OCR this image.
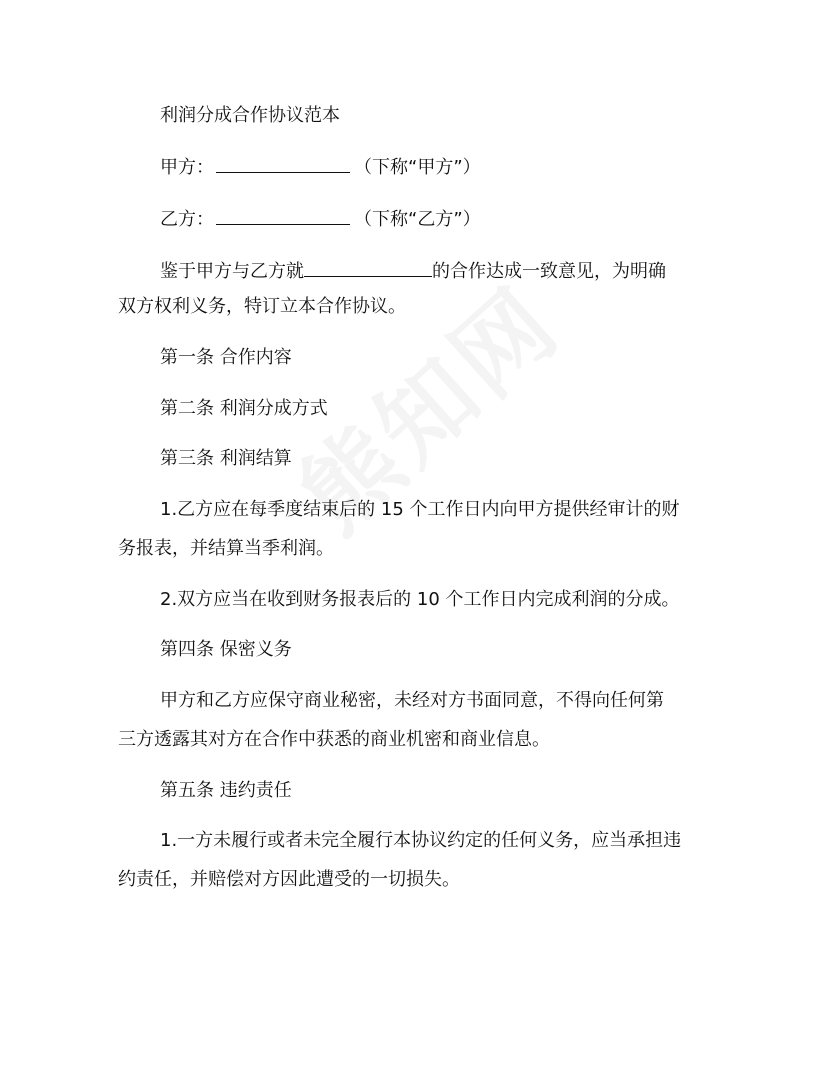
利润分成合作协议范本
甲方：	（下称“甲方”）
乙方：	（下称“乙方”）
鉴于甲方与乙方就	的合作达成一致意见，为明确
双方权利义务，特订立本合作协议。
第一条 合作内容
第二条 利润分成方式
第三条 利润结算
1.乙方应在每季度结束后的 15 个工作日内向甲方提供经审计的财
务报表，并结算当季利润。
2.双方应当在收到财务报表后的 10 个工作日内完成利润的分成。
第四条 保密义务
甲方和乙方应保守商业秘密，未经对方书面同意，不得向任何第
三方透露其对方在合作中获悉的商业机密和商业信息。
第五条 违约责任
1.一方未履行或者未完全履行本协议约定的任何义务，应当承担违
约责任，并赔偿对方因此遭受的一切损失。
